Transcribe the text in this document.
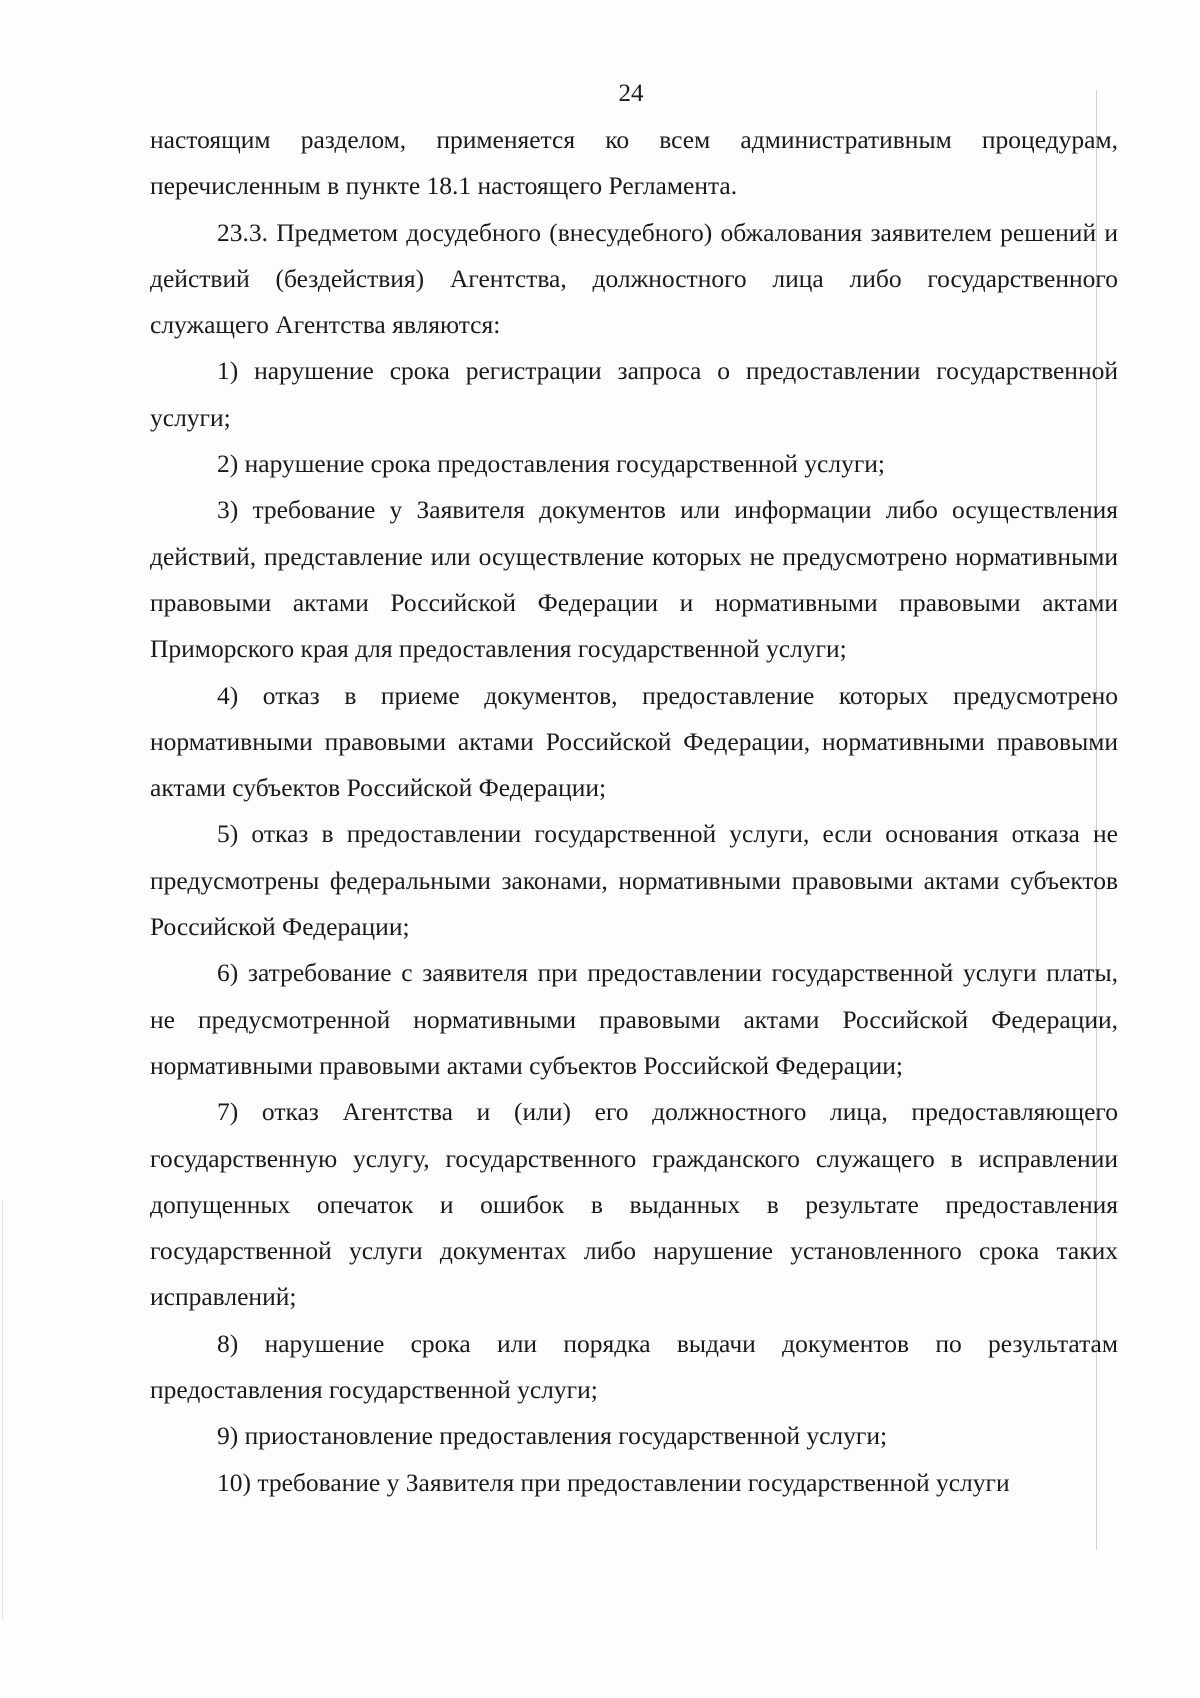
24

настоящим разделом, применяется ко всем административным процедурам, перечисленным в пункте 18.1 настоящего Регламента.

23.3. Предметом досудебного (внесудебного) обжалования заявителем решений и действий (бездействия) Агентства, должностного лица либо государственного служащего Агентства являются:

1) нарушение срока регистрации запроса о предоставлении государственной услуги;

2) нарушение срока предоставления государственной услуги;

3) требование у Заявителя документов или информации либо осуществления действий, представление или осуществление которых не предусмотрено нормативными правовыми актами Российской Федерации и нормативными правовыми актами Приморского края для предоставления государственной услуги;

4) отказ в приеме документов, предоставление которых предусмотрено нормативными правовыми актами Российской Федерации, нормативными правовыми актами субъектов Российской Федерации;

5) отказ в предоставлении государственной услуги, если основания отказа не предусмотрены федеральными законами, нормативными правовыми актами субъектов Российской Федерации;

6) затребование с заявителя при предоставлении государственной услуги платы, не предусмотренной нормативными правовыми актами Российской Федерации, нормативными правовыми актами субъектов Российской Федерации;

7) отказ Агентства и (или) его должностного лица, предоставляющего государственную услугу, государственного гражданского служащего в исправлении допущенных опечаток и ошибок в выданных в результате предоставления государственной услуги документах либо нарушение установленного срока таких исправлений;

8) нарушение срока или порядка выдачи документов по результатам предоставления государственной услуги;

9) приостановление предоставления государственной услуги;

10) требование у Заявителя при предоставлении государственной услуги
